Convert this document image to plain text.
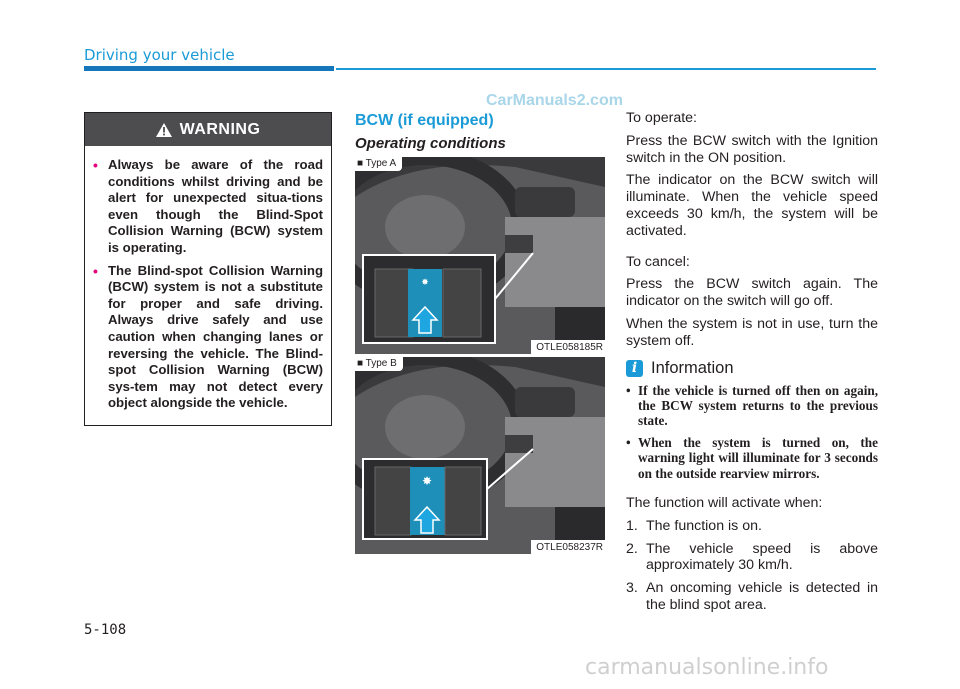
Driving your vehicle
CarManuals2.com
WARNING
• Always be aware of the road conditions whilst driving and be alert for unexpected situa-tions even though the Blind-Spot Collision Warning (BCW) system is operating.
• The Blind-spot Collision Warning (BCW) system is not a substitute for proper and safe driving. Always drive safely and use caution when changing lanes or reversing the vehicle. The Blind-spot Collision Warning (BCW) sys-tem may not detect every object alongside the vehicle.
BCW (if equipped)
Operating conditions
✸
■ Type A
OTLE058185R
✸
■ Type B
OTLE058237R

To operate:

Press the BCW switch with the Ignition switch in the ON position.

The indicator on the BCW switch will illuminate. When the vehicle speed exceeds 30 km/h, the system will be activated.

To cancel:

Press the BCW switch again. The indicator on the switch will go off.

When the system is not in use, turn the system off.

i Information
• If the vehicle is turned off then on again, the BCW system returns to the previous state.
• When the system is turned on, the warning light will illuminate for 3 seconds on the outside rearview mirrors.

The function will activate when:

1. The function is on.
2. The vehicle speed is above approximately 30 km/h.
3. An oncoming vehicle is detected in the blind spot area.
5-108
carmanualsonline.info
